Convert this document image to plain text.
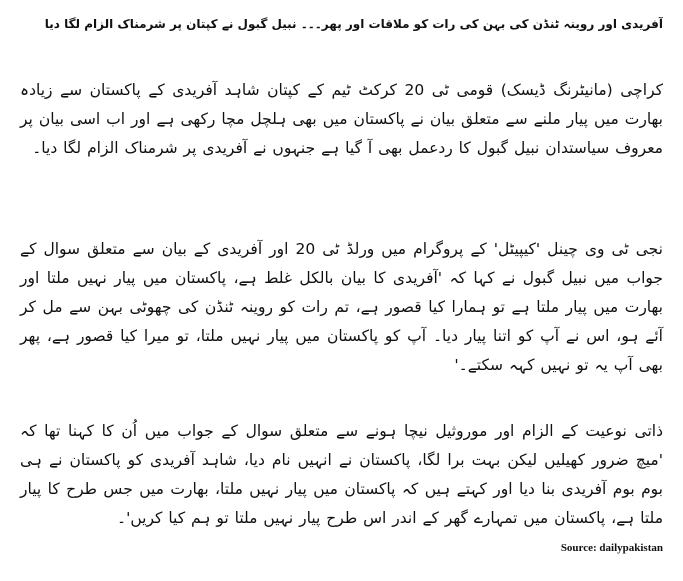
آفریدی اور روینہ ٹنڈن کی بہن کی رات کو ملاقات اور پھر۔۔۔ نبیل گبول نے کپتان پر شرمناک الزام لگا دیا

کراچی (مانیٹرنگ ڈیسک) قومی ٹی 20 کرکٹ ٹیم کے کپتان شاہد آفریدی کے پاکستان سے زیادہ بھارت میں پیار ملنے سے متعلق بیان نے پاکستان میں بھی ہلچل مچا رکھی ہے اور اب اسی بیان پر معروف سیاستدان نبیل گبول کا ردعمل بھی آ گیا ہے جنہوں نے آفریدی پر شرمناک الزام لگا دیا۔

نجی ٹی وی چینل 'کیپیٹل' کے پروگرام میں ورلڈ ٹی 20 اور آفریدی کے بیان سے متعلق سوال کے جواب میں نبیل گبول نے کہا کہ 'آفریدی کا بیان بالکل غلط ہے، پاکستان میں پیار نہیں ملتا اور بھارت میں پیار ملتا ہے تو ہمارا کیا قصور ہے، تم رات کو روینہ ٹنڈن کی چھوٹی بہن سے مل کر آئے ہو، اس نے آپ کو اتنا پیار دیا۔ آپ کو پاکستان میں پیار نہیں ملتا، تو میرا کیا قصور ہے، پھر بھی آپ یہ تو نہیں کہہ سکتے۔'

ذاتی نوعیت کے الزام اور موروثیل نیچا ہونے سے متعلق سوال کے جواب میں اُن کا کہنا تھا کہ 'میچ ضرور کھیلیں لیکن بہت برا لگا، پاکستان نے انہیں نام دیا، شاہد آفریدی کو پاکستان نے ہی بوم بوم آفریدی بنا دیا اور کہتے ہیں کہ پاکستان میں پیار نہیں ملتا، بھارت میں جس طرح کا پیار ملتا ہے، پاکستان میں تمہارے گھر کے اندر اس طرح پیار نہیں ملتا تو ہم کیا کریں'۔

Source: dailypakistan
